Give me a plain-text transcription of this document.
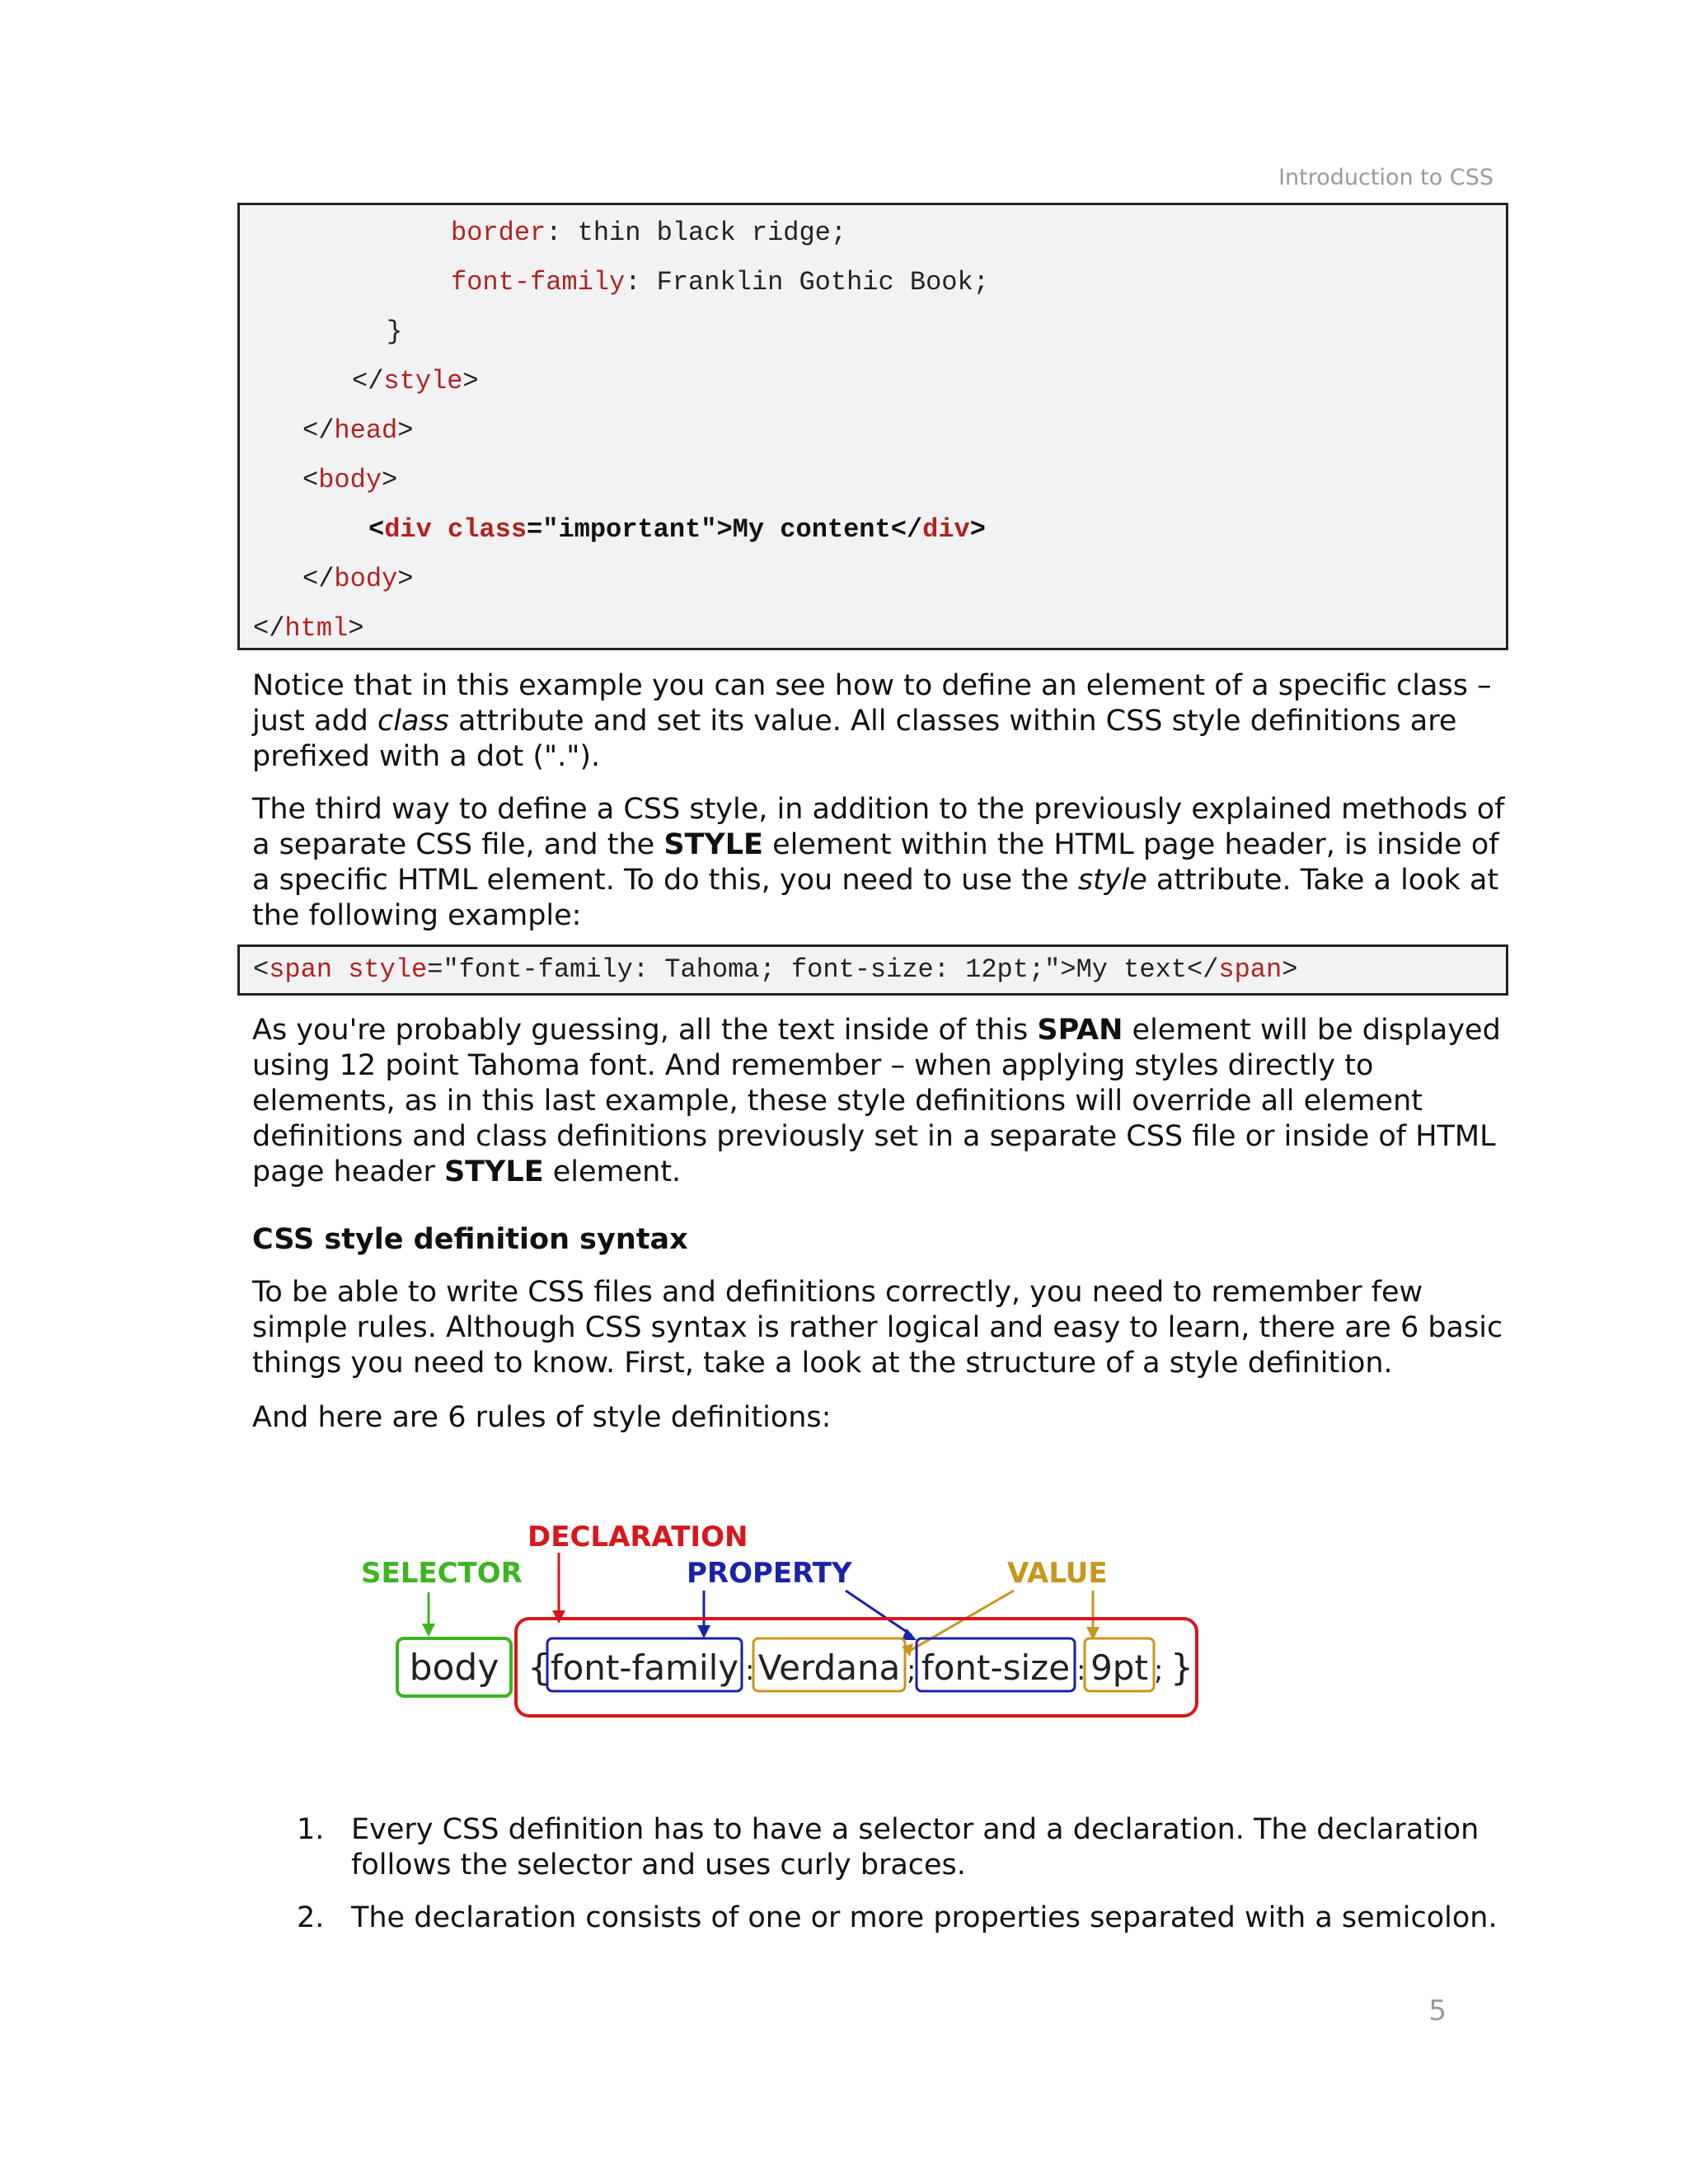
Introduction to CSS
border: thin black ridge;
font-family: Franklin Gothic Book;
}
</style>
</head>
<body>
<div class="important">My content</div>
</body>
</html>
Notice that in this example you can see how to define an element of a specific class – just add class attribute and set its value. All classes within CSS style definitions are prefixed with a dot (".").
The third way to define a CSS style, in addition to the previously explained methods of a separate CSS file, and the STYLE element within the HTML page header, is inside of a specific HTML element. To do this, you need to use the style attribute. Take a look at the following example:
<span style="font-family: Tahoma; font-size: 12pt;">My text</span>
As you're probably guessing, all the text inside of this SPAN element will be displayed using 12 point Tahoma font. And remember – when applying styles directly to elements, as in this last example, these style definitions will override all element definitions and class definitions previously set in a separate CSS file or inside of HTML page header STYLE element.
CSS style definition syntax
To be able to write CSS files and definitions correctly, you need to remember few simple rules. Although CSS syntax is rather logical and easy to learn, there are 6 basic things you need to know. First, take a look at the structure of a style definition.
And here are 6 rules of style definitions:
DECLARATION
SELECTOR	PROPERTY	VALUE
body { font-family : Verdana ; font-size : 9pt ; }
1. Every CSS definition has to have a selector and a declaration. The declaration follows the selector and uses curly braces.
2. The declaration consists of one or more properties separated with a semicolon.
5
